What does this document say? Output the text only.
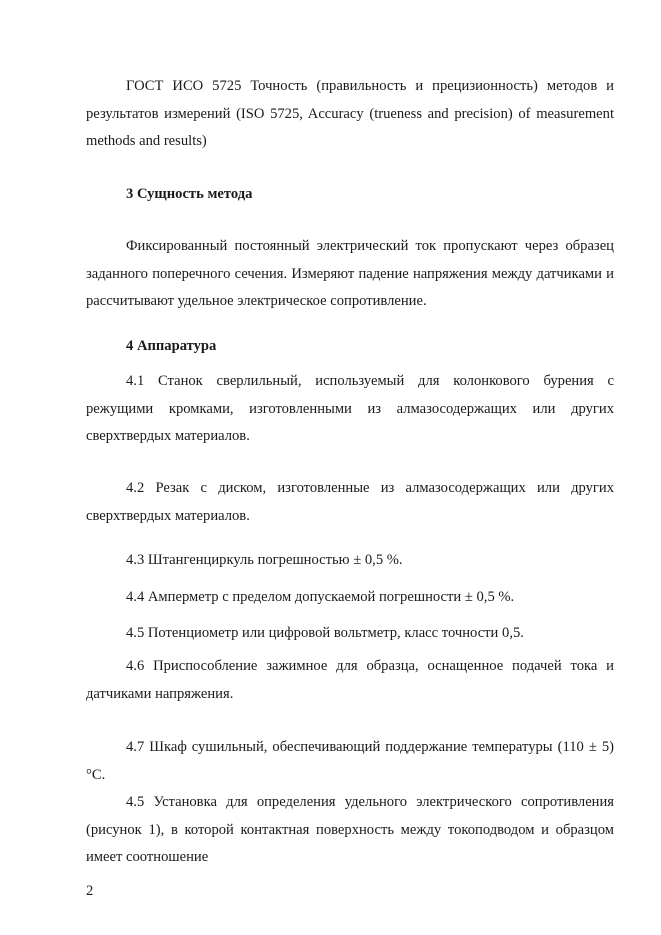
ГОСТ ИСО 5725 Точность (правильность и прецизионность) методов и результатов измерений (ISO 5725, Accuracy (trueness and precision) of measurement methods and results)

3 Сущность метода

Фиксированный постоянный электрический ток пропускают через образец заданного поперечного сечения. Измеряют падение напряжения между датчиками и рассчитывают удельное электрическое сопротивление.

4 Аппаратура

4.1 Станок сверлильный, используемый для колонкового бурения с режущими кромками, изготовленными из алмазосодержащих или других сверхтвердых материалов.

4.2 Резак с диском, изготовленные из алмазосодержащих или других сверхтвердых материалов.

4.3 Штангенциркуль погрешностью ± 0,5 %.

4.4 Амперметр с пределом допускаемой погрешности ± 0,5 %.

4.5 Потенциометр или цифровой вольтметр, класс точности 0,5.

4.6 Приспособление зажимное для образца, оснащенное подачей тока и датчиками напряжения.

4.7 Шкаф сушильный, обеспечивающий поддержание температуры (110 ± 5) °С.

4.5 Установка для определения удельного электрического сопротивления (рисунок 1), в которой контактная поверхность между токоподводом и образцом имеет соотношение

2
